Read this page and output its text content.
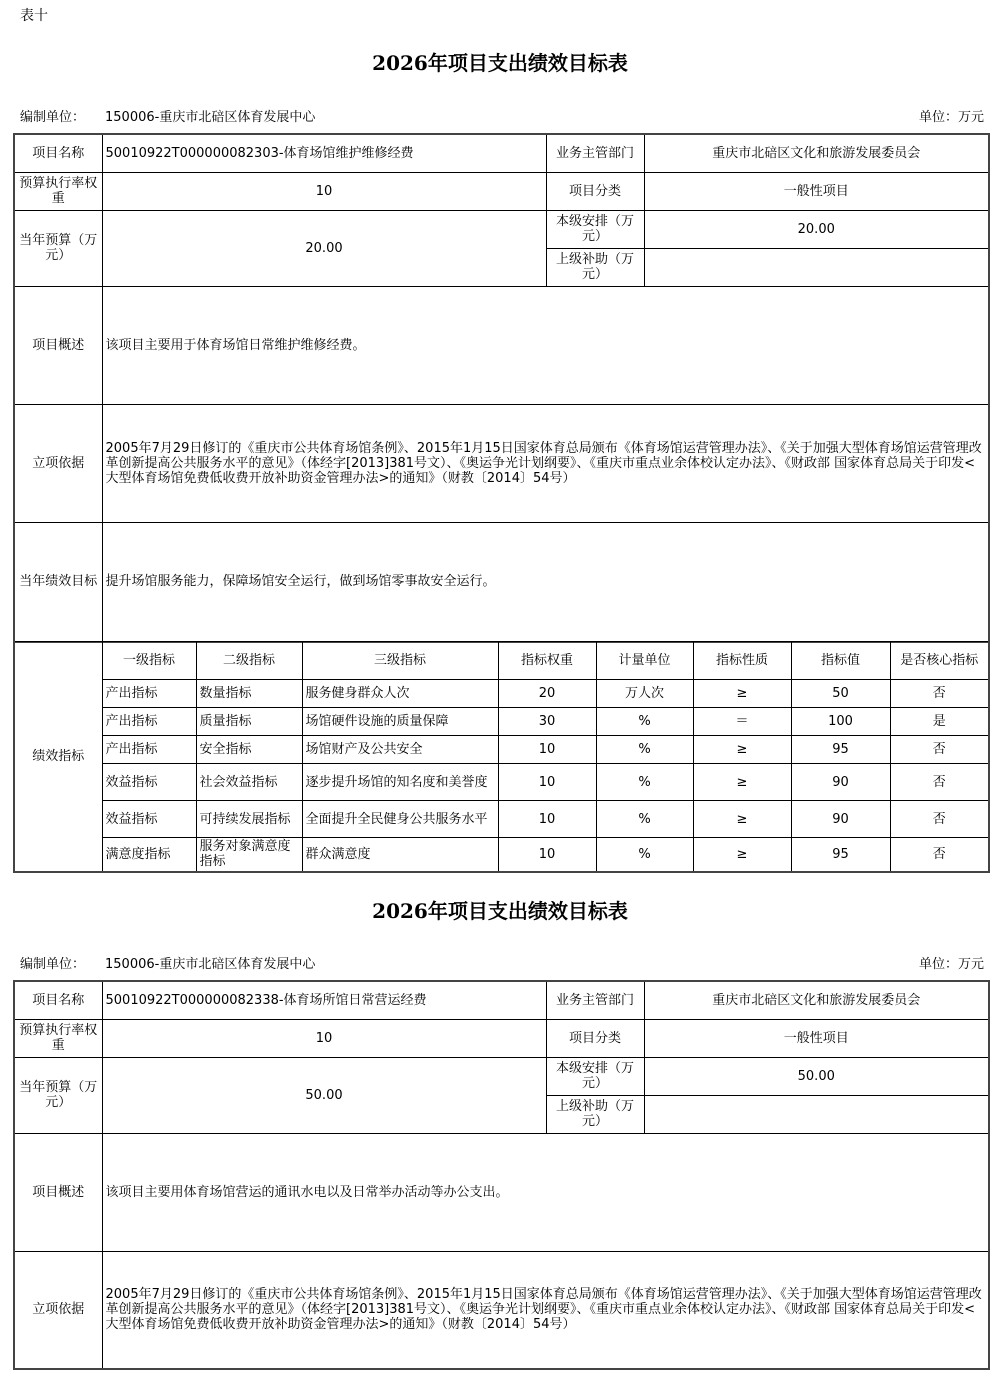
表十
2026年项目支出绩效目标表
编制单位： 150006-重庆市北碚区体育发展中心	单位：万元
项目名称	50010922T000000082303-体育场馆维护维修经费	业务主管部门	重庆市北碚区文化和旅游发展委员会
预算执行率权重	10	项目分类	一般性项目
当年预算（万元）	20.00	本级安排（万元）	20.00
		上级补助（万元）	
项目概述	该项目主要用于体育场馆日常维护维修经费。		
立项依据	2005年7月29日修订的《重庆市公共体育场馆条例》、2015年1月15日国家体育总局颁布《体育场馆运营管理办法》、《关于加强大型体育场馆运营管理改革创新提高公共服务水平的意见》（体经字[2013]381号文）、《奥运争光计划纲要》、《重庆市重点业余体校认定办法》、《财政部 国家体育总局关于印发<大型体育场馆免费低收费开放补助资金管理办法>的通知》（财教〔2014〕54号）		
当年绩效目标	提升场馆服务能力，保障场馆安全运行，做到场馆零事故安全运行。		
绩效指标	一级指标	二级指标	三级指标	指标权重	计量单位	指标性质	指标值	是否核心指标
	产出指标	数量指标	服务健身群众人次	20	万人次	≥	50	否
	产出指标	质量指标	场馆硬件设施的质量保障	30	%	＝	100	是
	产出指标	安全指标	场馆财产及公共安全	10	%	≥	95	否
	效益指标	社会效益指标	逐步提升场馆的知名度和美誉度	10	%	≥	90	否
	效益指标	可持续发展指标	全面提升全民健身公共服务水平	10	%	≥	90	否
	满意度指标	服务对象满意度指标	群众满意度	10	%	≥	95	否
2026年项目支出绩效目标表
编制单位： 150006-重庆市北碚区体育发展中心	单位：万元
项目名称	50010922T000000082338-体育场所馆日常营运经费	业务主管部门	重庆市北碚区文化和旅游发展委员会
预算执行率权重	10	项目分类	一般性项目
当年预算（万元）	50.00	本级安排（万元）	50.00
		上级补助（万元）	
项目概述	该项目主要用体育场馆营运的通讯水电以及日常举办活动等办公支出。		
立项依据	2005年7月29日修订的《重庆市公共体育场馆条例》、2015年1月15日国家体育总局颁布《体育场馆运营管理办法》、《关于加强大型体育场馆运营管理改革创新提高公共服务水平的意见》（体经字[2013]381号文）、《奥运争光计划纲要》、《重庆市重点业余体校认定办法》、《财政部 国家体育总局关于印发<大型体育场馆免费低收费开放补助资金管理办法>的通知》（财教〔2014〕54号）		
